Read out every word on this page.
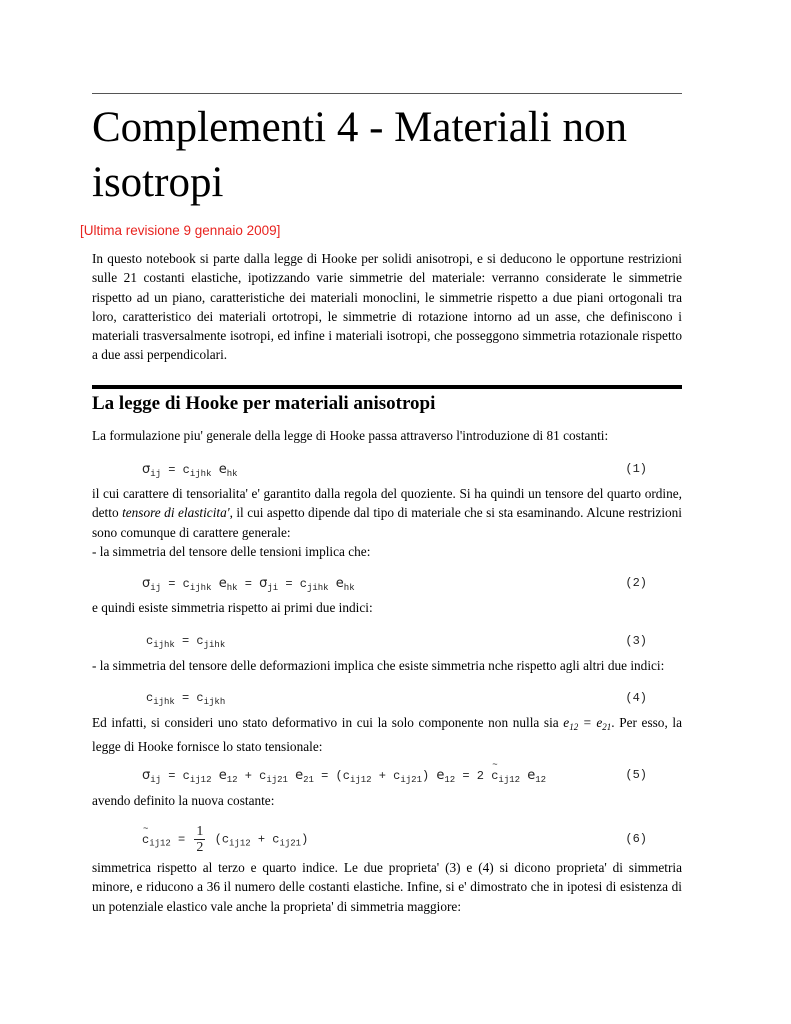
Complementi 4 - Materiali non isotropi
[Ultima revisione 9 gennaio 2009]

In questo notebook si parte dalla legge di Hooke per solidi anisotropi, e si deducono le opportune restrizioni sulle 21 costanti elastiche, ipotizzando varie simmetrie del materiale: verranno considerate le simmetrie rispetto ad un piano, caratteristiche dei materiali monoclini, le simmetrie rispetto a due piani ortogonali tra loro, caratteristico dei materiali ortotropi, le simmetrie di rotazione intorno ad un asse, che definiscono i materiali trasversalmente isotropi, ed infine i materiali isotropi, che posseggono simmetria rotazionale rispetto a due assi perpendicolari.

La legge di Hooke per materiali anisotropi

La formulazione piu' generale della legge di Hooke passa attraverso l'introduzione di 81 costanti:

$\sigma_{ij} = c_{ijhk}$ $e_{hk}$	(1)

il cui carattere di tensorialita' e' garantito dalla regola del quoziente. Si ha quindi un tensore del quarto ordine, detto tensore di elasticita', il cui aspetto dipende dal tipo di materiale che si sta esaminando. Alcune restrizioni sono comunque di carattere generale:
- la simmetria del tensore delle tensioni implica che:

$\sigma_{ij} = c_{ijhk}$ $e_{hk} = \sigma_{ji} = c_{jihk}$ $e_{hk}$	(2)

e quindi esiste simmetria rispetto ai primi due indici:

$c_{ijhk} = c_{jihk}$	(3)

- la simmetria del tensore delle deformazioni implica che esiste simmetria nche rispetto agli altri due indici:

$c_{ijhk} = c_{ijkh}$	(4)

Ed infatti, si consideri uno stato deformativo in cui la solo componente non nulla sia $e_{12} = e_{21}$. Per esso, la legge di Hooke fornisce lo stato tensionale:

$\sigma_{ij} = c_{ij12}$ $e_{12} + c_{ij21}$ $e_{21} = (c_{ij12} + c_{ij21}) e_{12} = 2$ ~ $c_{ij12}$ $e_{12}$	(5)

avendo definito la nuova costante:

~ $c_{ij12} = \frac{1}{2} (c_{ij12} + c_{ij21})$	(6)

simmetrica rispetto al terzo e quarto indice. Le due proprieta' (3) e (4) si dicono proprieta' di simmetria minore, e riducono a 36 il numero delle costanti elastiche. Infine, si e' dimostrato che in ipotesi di esistenza di un potenziale elastico vale anche la proprieta' di simmetria maggiore:
